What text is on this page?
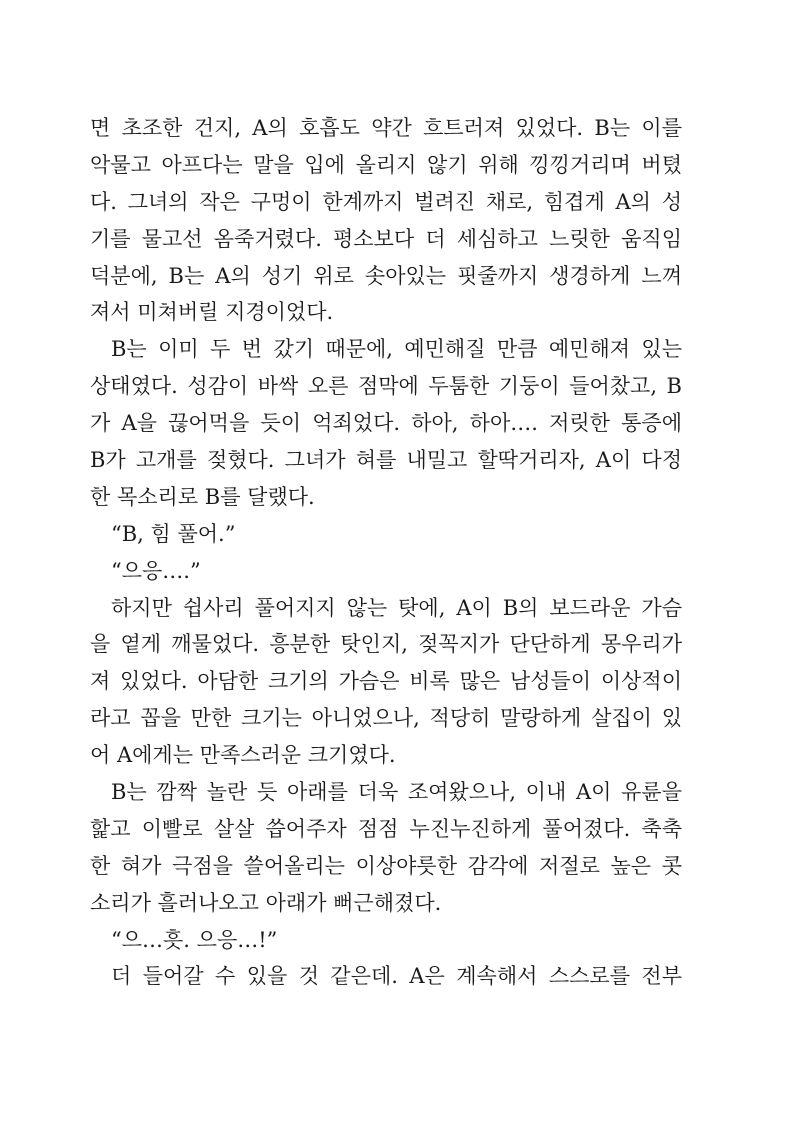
면 초조한 건지, A의 호흡도 약간 흐트러져 있었다. B는 이를
악물고 아프다는 말을 입에 올리지 않기 위해 낑낑거리며 버텼
다. 그녀의 작은 구멍이 한계까지 벌려진 채로, 힘겹게 A의 성
기를 물고선 옴죽거렸다. 평소보다 더 세심하고 느릿한 움직임
덕분에, B는 A의 성기 위로 솟아있는 핏줄까지 생경하게 느껴
져서 미쳐버릴 지경이었다.
B는 이미 두 번 갔기 때문에, 예민해질 만큼 예민해져 있는
상태였다. 성감이 바싹 오른 점막에 두툼한 기둥이 들어찼고, B
가 A을 끊어먹을 듯이 억죄었다. 하아, 하아…. 저릿한 통증에
B가 고개를 젖혔다. 그녀가 혀를 내밀고 할딱거리자, A이 다정
한 목소리로 B를 달랬다.
“B, 힘 풀어.”
“으응….”
하지만 쉽사리 풀어지지 않는 탓에, A이 B의 보드라운 가슴
을 옅게 깨물었다. 흥분한 탓인지, 젖꼭지가 단단하게 몽우리가
져 있었다. 아담한 크기의 가슴은 비록 많은 남성들이 이상적이
라고 꼽을 만한 크기는 아니었으나, 적당히 말랑하게 살집이 있
어 A에게는 만족스러운 크기였다.
B는 깜짝 놀란 듯 아래를 더욱 조여왔으나, 이내 A이 유륜을
핥고 이빨로 살살 씁어주자 점점 누진누진하게 풀어졌다. 축축
한 혀가 극점을 쓸어올리는 이상야릇한 감각에 저절로 높은 콧
소리가 흘러나오고 아래가 뻐근해졌다.
“으…흣. 으응…!”
더 들어갈 수 있을 것 같은데. A은 계속해서 스스로를 전부
